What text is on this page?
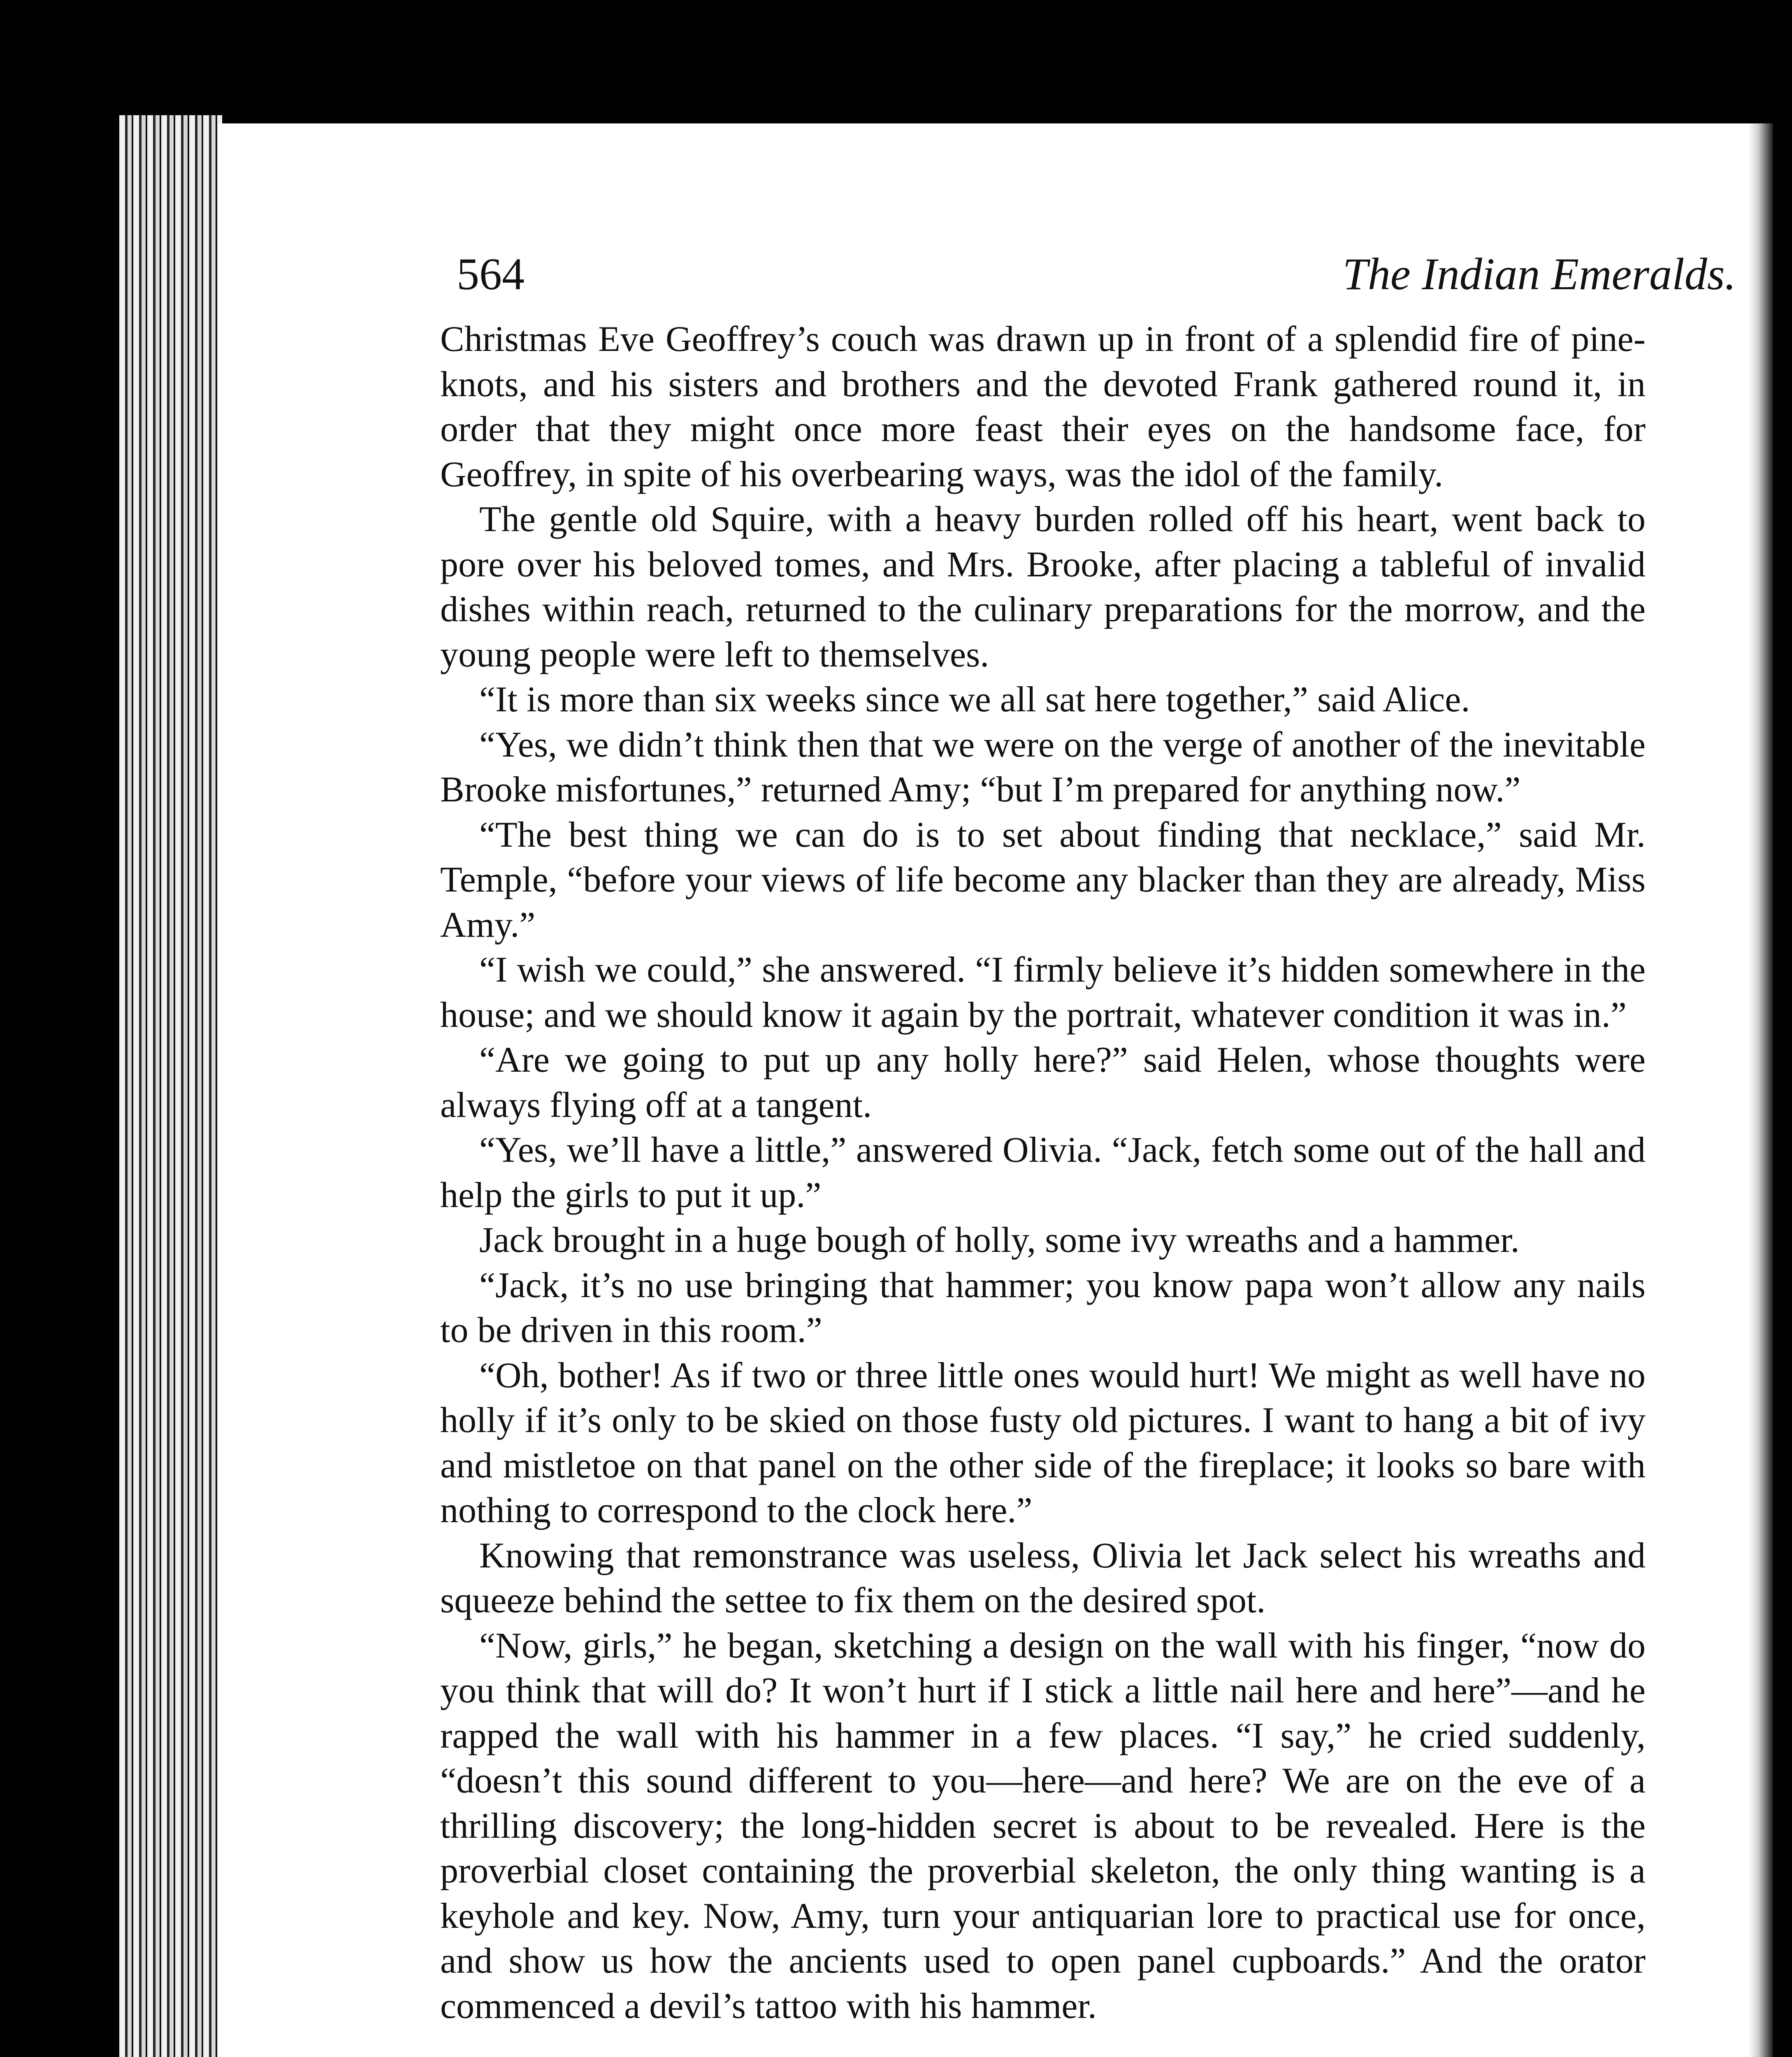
564	The Indian Emeralds.

Christmas Eve Geoffrey’s couch was drawn up in front of a splendid fire of pine-knots, and his sisters and brothers and the devoted Frank gathered round it, in order that they might once more feast their eyes on the handsome face, for Geoffrey, in spite of his overbearing ways, was the idol of the family.

The gentle old Squire, with a heavy burden rolled off his heart, went back to pore over his beloved tomes, and Mrs. Brooke, after placing a tableful of invalid dishes within reach, returned to the culinary preparations for the morrow, and the young people were left to themselves.

“It is more than six weeks since we all sat here together,” said Alice.

“Yes, we didn’t think then that we were on the verge of another of the inevitable Brooke misfortunes,” returned Amy; “but I’m prepared for anything now.”

“The best thing we can do is to set about finding that necklace,” said Mr. Temple, “before your views of life become any blacker than they are already, Miss Amy.”

“I wish we could,” she answered. “I firmly believe it’s hidden somewhere in the house; and we should know it again by the portrait, whatever condition it was in.”

“Are we going to put up any holly here?” said Helen, whose thoughts were always flying off at a tangent.

“Yes, we’ll have a little,” answered Olivia. “Jack, fetch some out of the hall and help the girls to put it up.”

Jack brought in a huge bough of holly, some ivy wreaths and a hammer.

“Jack, it’s no use bringing that hammer; you know papa won’t allow any nails to be driven in this room.”

“Oh, bother! As if two or three little ones would hurt! We might as well have no holly if it’s only to be skied on those fusty old pictures. I want to hang a bit of ivy and mistletoe on that panel on the other side of the fireplace; it looks so bare with nothing to correspond to the clock here.”

Knowing that remonstrance was useless, Olivia let Jack select his wreaths and squeeze behind the settee to fix them on the desired spot.

“Now, girls,” he began, sketching a design on the wall with his finger, “now do you think that will do? It won’t hurt if I stick a little nail here and here”—and he rapped the wall with his hammer in a few places. “I say,” he cried suddenly, “doesn’t this sound different to you—here—and here? We are on the eve of a thrilling discovery; the long-hidden secret is about to be revealed. Here is the proverbial closet containing the proverbial skeleton, the only thing wanting is a keyhole and key. Now, Amy, turn your antiquarian lore to practical use for once, and show us how the ancients used to open panel cupboards.” And the orator commenced a devil’s tattoo with his hammer.
